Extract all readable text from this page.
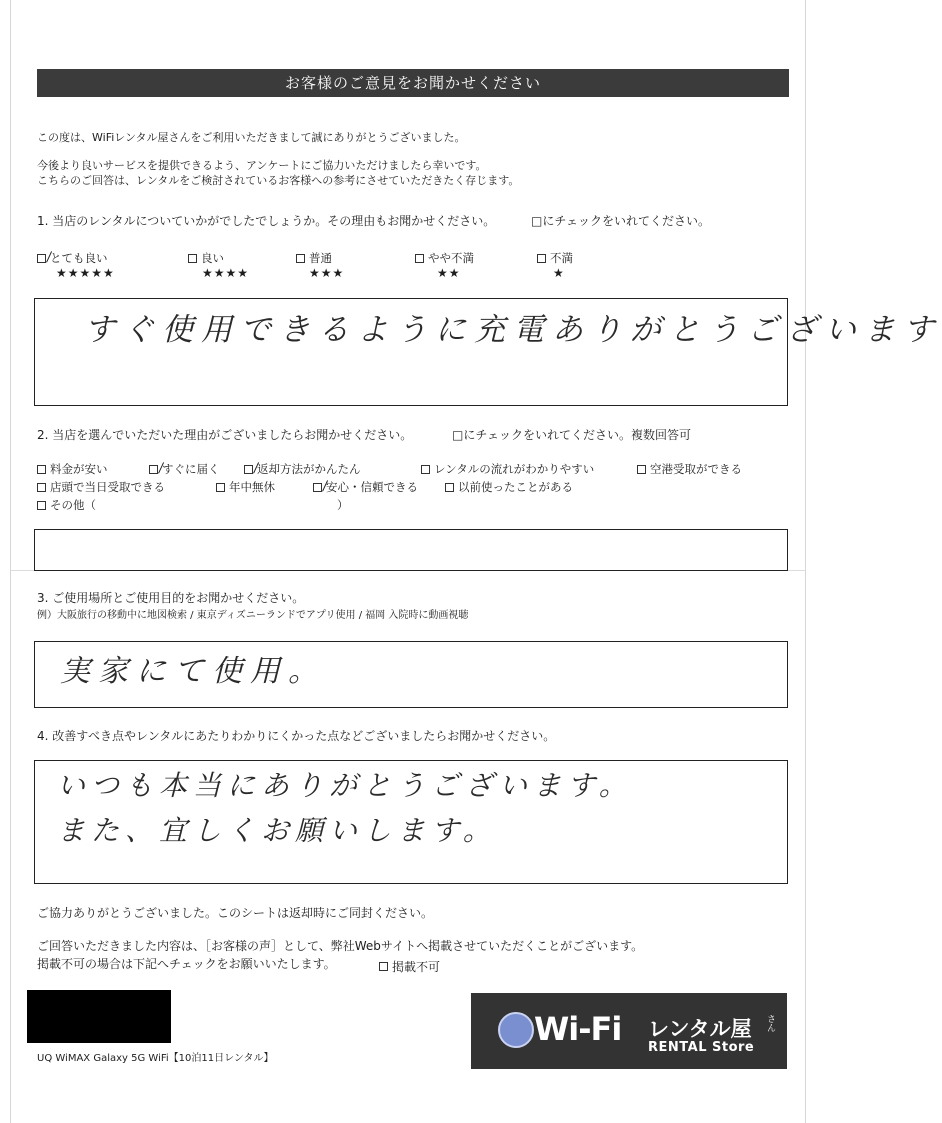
お客様のご意見をお聞かせください
この度は、WiFiレンタル屋さんをご利用いただきまして誠にありがとうございました。
今後より良いサービスを提供できるよう、アンケートにご協力いただけましたら幸いです。
こちらのご回答は、レンタルをご検討されているお客様への参考にさせていただきたく存じます。
1. 当店のレンタルについていかがでしたでしょうか。その理由もお聞かせください。	□にチェックをいれてください。
とても良い
★★★★★
良い
★★★★
普通
★★★
やや不満
★★
不満
★
すぐ使用できるように充電ありがとうございます
2. 当店を選んでいただいた理由がございましたらお聞かせください。	□にチェックをいれてください。複数回答可
料金が安い	すぐに届く	返却方法がかんたん	レンタルの流れがわかりやすい	空港受取ができる
店頭で当日受取できる	年中無休	安心・信頼できる	以前使ったことがある
その他（	）
3. ご使用場所とご使用目的をお聞かせください。
例）大阪旅行の移動中に地図検索 / 東京ディズニーランドでアプリ使用 / 福岡 入院時に動画視聴
実家にて使用。
4. 改善すべき点やレンタルにあたりわかりにくかった点などございましたらお聞かせください。
いつも本当にありがとうございます。
また、宜しくお願いします。
ご協力ありがとうございました。このシートは返却時にご同封ください。
ご回答いただきました内容は、［お客様の声］として、弊社Webサイトへ掲載させていただくことがございます。
掲載不可の場合は下記へチェックをお願いいたします。	掲載不可
UQ WiMAX Galaxy 5G WiFi【10泊11日レンタル】
Wi-Fi レンタル屋 さん
RENTAL Store
